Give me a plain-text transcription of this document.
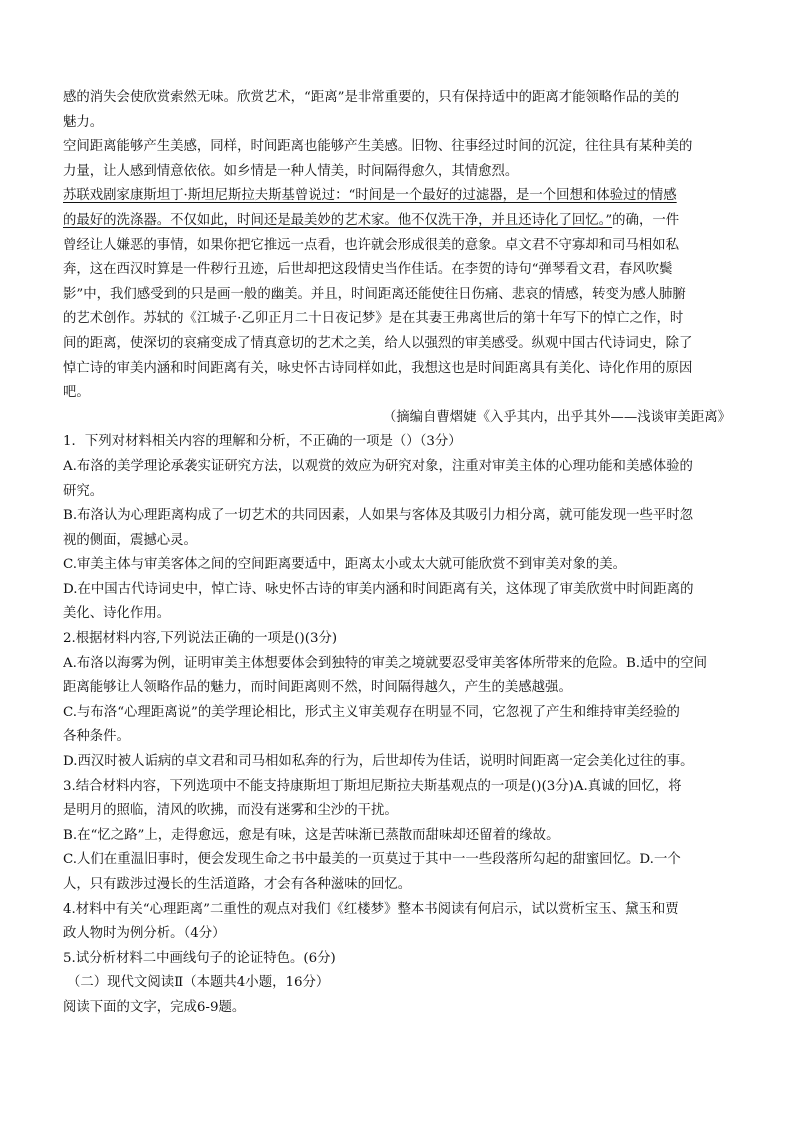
感的消失会使欣赏索然无味。欣赏艺术，“距离”是非常重要的，只有保持适中的距离才能领略作品的美的
魅力。
空间距离能够产生美感，同样，时间距离也能够产生美感。旧物、往事经过时间的沉淀，往往具有某种美的
力量，让人感到情意依依。如乡情是一种人情美，时间隔得愈久，其情愈烈。
苏联戏剧家康斯坦丁·斯坦尼斯拉夫斯基曾说过：“时间是一个最好的过滤器，是一个回想和体验过的情感
的最好的洗涤器。不仅如此，时间还是最美妙的艺术家。他不仅洗干净，并且还诗化了回忆。”的确，一件
曾经让人嫌恶的事情，如果你把它推远一点看，也许就会形成很美的意象。卓文君不守寡却和司马相如私
奔，这在西汉时算是一件秽行丑迹，后世却把这段情史当作佳话。在李贺的诗句“弹琴看文君，春风吹鬓
影”中，我们感受到的只是画一般的幽美。并且，时间距离还能使往日伤痛、悲哀的情感，转变为感人肺腑
的艺术创作。苏轼的《江城子·乙卯正月二十日夜记梦》是在其妻王弗离世后的第十年写下的悼亡之作，时
间的距离，使深切的哀痛变成了情真意切的艺术之美，给人以强烈的审美感受。纵观中国古代诗词史，除了
悼亡诗的审美内涵和时间距离有关，咏史怀古诗同样如此，我想这也是时间距离具有美化、诗化作用的原因
吧。
（摘编自曹熠婕《入乎其内，出乎其外——浅谈审美距离》
1．下列对材料相关内容的理解和分析，不正确的一项是（）（3分）
A.布洛的美学理论承袭实证研究方法，以观赏的效应为研究对象，注重对审美主体的心理功能和美感体验的
研究。
B.布洛认为心理距离构成了一切艺术的共同因素，人如果与客体及其吸引力相分离，就可能发现一些平时忽
视的侧面，震撼心灵。
C.审美主体与审美客体之间的空间距离要适中，距离太小或太大就可能欣赏不到审美对象的美。
D.在中国古代诗词史中，悼亡诗、咏史怀古诗的审美内涵和时间距离有关，这体现了审美欣赏中时间距离的
美化、诗化作用。
2.根据材料内容,下列说法正确的一项是()(3分)
A.布洛以海雾为例，证明审美主体想要体会到独特的审美之境就要忍受审美客体所带来的危险。B.适中的空间
距离能够让人领略作品的魅力，而时间距离则不然，时间隔得越久，产生的美感越强。
C.与布洛“心理距离说”的美学理论相比，形式主义审美观存在明显不同，它忽视了产生和维持审美经验的
各种条件。
D.西汉时被人诟病的卓文君和司马相如私奔的行为，后世却传为佳话，说明时间距离一定会美化过往的事。
3.结合材料内容，下列选项中不能支持康斯坦丁斯坦尼斯拉夫斯基观点的一项是()(3分)A.真诚的回忆，将
是明月的照临，清风的吹拂，而没有迷雾和尘沙的干扰。
B.在“忆之路”上，走得愈远，愈是有味，这是苦味渐已蒸散而甜味却还留着的缘故。
C.人们在重温旧事时，便会发现生命之书中最美的一页莫过于其中一一些段落所勾起的甜蜜回忆。D.一个
人，只有跋涉过漫长的生活道路，才会有各种滋味的回忆。
4.材料中有关“心理距离”二重性的观点对我们《红楼梦》整本书阅读有何启示，试以赏析宝玉、黛玉和贾
政人物时为例分析。（4分）
5.试分析材料二中画线句子的论证特色。(6分)
（二）现代文阅读Ⅱ（本题共4小题，16分）
阅读下面的文字，完成6-9题。
